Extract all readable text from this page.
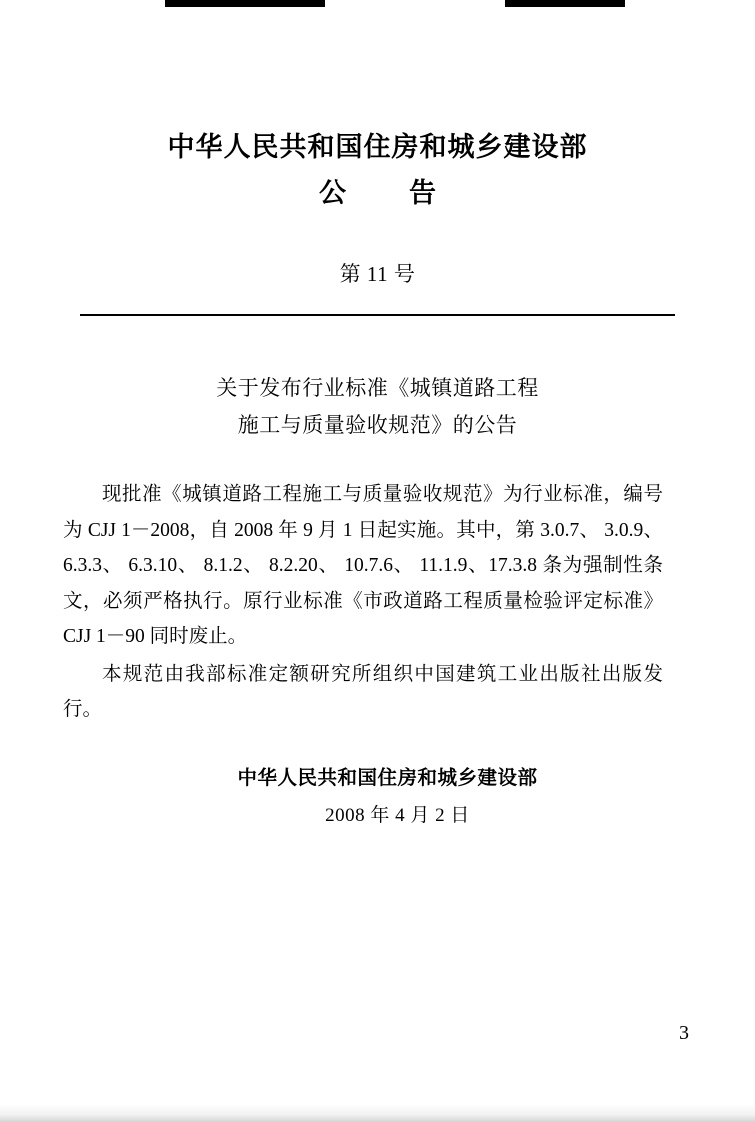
中华人民共和国住房和城乡建设部
公　告
第 11 号
关于发布行业标准《城镇道路工程
施工与质量验收规范》的公告

现批准《城镇道路工程施工与质量验收规范》为行业标准，编号为 CJJ 1－2008，自 2008 年 9 月 1 日起实施。其中，第 3.0.7、 3.0.9、 6.3.3、 6.3.10、 8.1.2、 8.2.20、 10.7.6、 11.1.9、17.3.8 条为强制性条文，必须严格执行。原行业标准《市政道路工程质量检验评定标准》CJJ 1－90 同时废止。

本规范由我部标准定额研究所组织中国建筑工业出版社出版发行。

中华人民共和国住房和城乡建设部
2008 年 4 月 2 日
3
